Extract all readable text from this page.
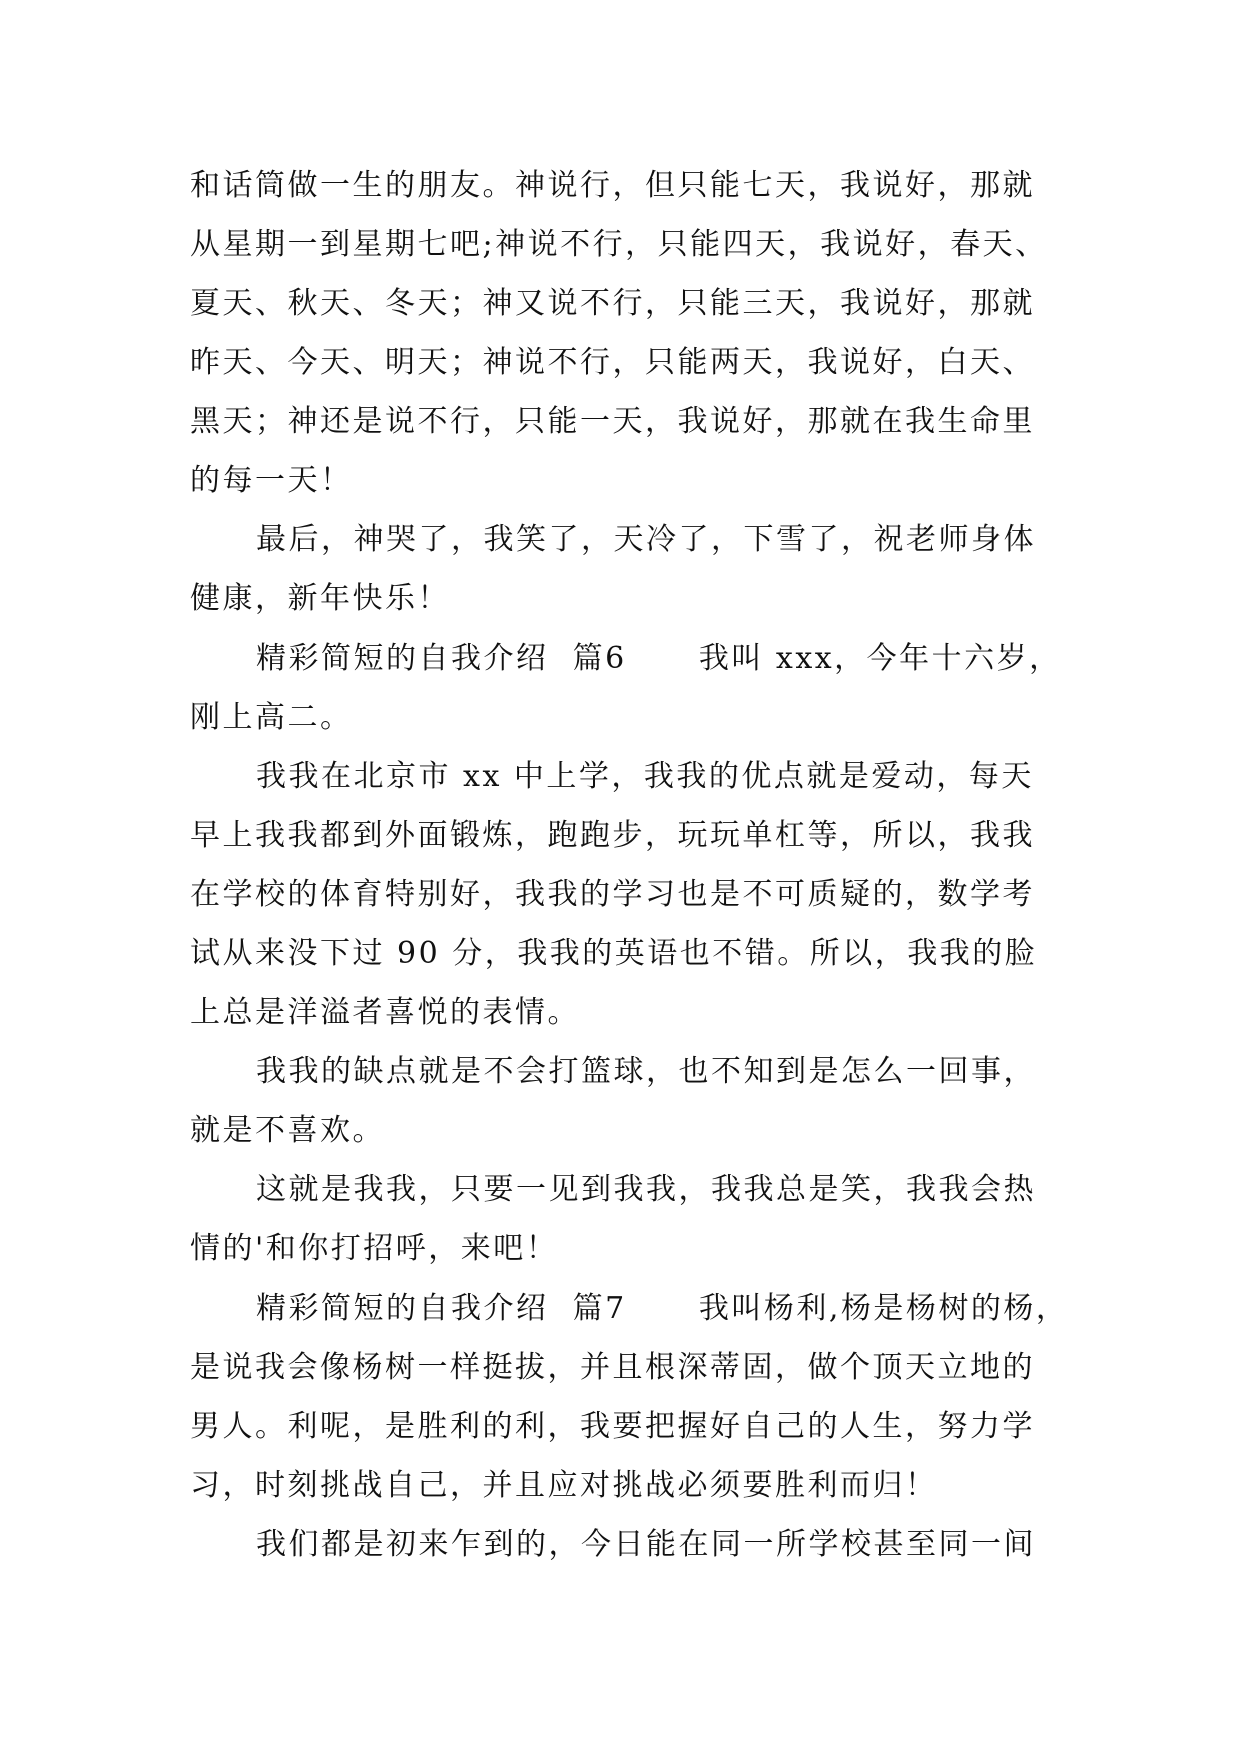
和话筒做一生的朋友。神说行，但只能七天，我说好，那就
从星期一到星期七吧;神说不行，只能四天，我说好，春天、
夏天、秋天、冬天；神又说不行，只能三天，我说好，那就
昨天、今天、明天；神说不行，只能两天，我说好，白天、
黑天；神还是说不行，只能一天，我说好，那就在我生命里
的每一天！
最后，神哭了，我笑了，天冷了，下雪了，祝老师身体
健康，新年快乐！
精彩简短的自我介绍  篇6      我叫 xxx，今年十六岁，
刚上高二。
我我在北京市 xx 中上学，我我的优点就是爱动，每天
早上我我都到外面锻炼，跑跑步，玩玩单杠等，所以，我我
在学校的体育特别好，我我的学习也是不可质疑的，数学考
试从来没下过 90 分，我我的英语也不错。所以，我我的脸
上总是洋溢者喜悦的表情。
我我的缺点就是不会打篮球，也不知到是怎么一回事，
就是不喜欢。
这就是我我，只要一见到我我，我我总是笑，我我会热
情的'和你打招呼，来吧！
精彩简短的自我介绍  篇7      我叫杨利,杨是杨树的杨，
是说我会像杨树一样挺拔，并且根深蒂固，做个顶天立地的
男人。利呢，是胜利的利，我要把握好自己的人生，努力学
习，时刻挑战自己，并且应对挑战必须要胜利而归！
我们都是初来乍到的，今日能在同一所学校甚至同一间
